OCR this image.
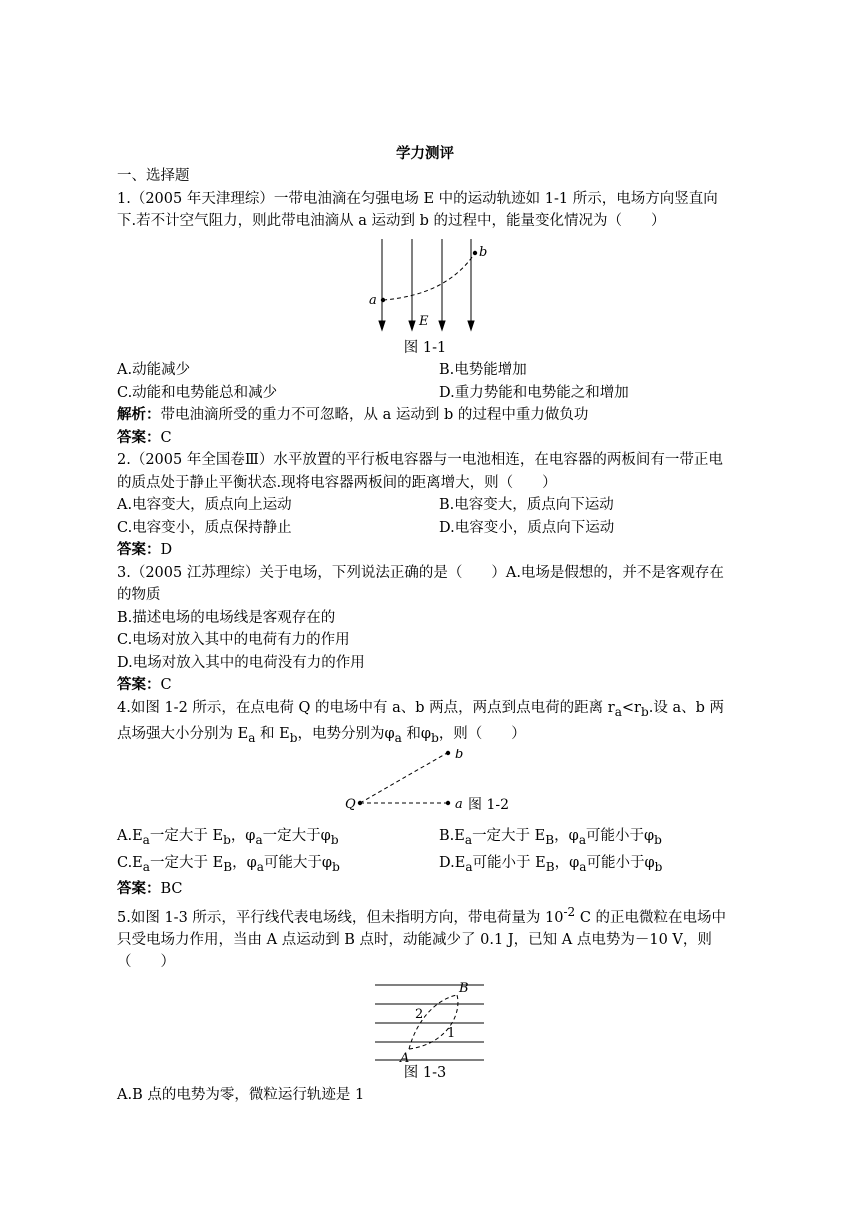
学力测评

一、选择题

1.（2005 年天津理综）一带电油滴在匀强电场 E 中的运动轨迹如 1-1 所示，电场方向竖直向下.若不计空气阻力，则此带电油滴从 a 运动到 b 的过程中，能量变化情况为（　　）

a
b
E

图 1-1

A.动能减少	B.电势能增加
C.动能和电势能总和减少	D.重力势能和电势能之和增加

解析：带电油滴所受的重力不可忽略，从 a 运动到 b 的过程中重力做负功

答案：C

2.（2005 年全国卷Ⅲ）水平放置的平行板电容器与一电池相连，在电容器的两板间有一带正电的质点处于静止平衡状态.现将电容器两板间的距离增大，则（　　）

A.电容变大，质点向上运动	B.电容变大，质点向下运动
C.电容变小，质点保持静止	D.电容变小，质点向下运动

答案：D

3.（2005 江苏理综）关于电场，下列说法正确的是（　　）A.电场是假想的，并不是客观存在的物质

B.描述电场的电场线是客观存在的

C.电场对放入其中的电荷有力的作用

D.电场对放入其中的电荷没有力的作用

答案：C

4.如图 1-2 所示，在点电荷 Q 的电场中有 a、b 两点，两点到点电荷的距离 $r_a<r_b$.设 a、b 两点场强大小分别为 $E_a$ 和 $E_b$，电势分别为$\varphi_a$ 和$\varphi_b$，则（　　）

Q
b
a 图 1-2
$A.E_a$一定大于 $E_b$，$\varphi_a$一定大于$\varphi_b$	$B.E_a$一定大于 $E_B$，$\varphi_a$可能小于$\varphi_b$
$C.E_a$一定大于 $E_B$，$\varphi_a$可能大于$\varphi_b$	$D.E_a$可能小于 $E_B$，$\varphi_a$可能小于$\varphi_b$

答案：BC

5.如图 1-3 所示，平行线代表电场线，但未指明方向，带电荷量为 $10^{-2}$ C 的正电微粒在电场中只受电场力作用，当由 A 点运动到 B 点时，动能减少了 0.1 J，已知 A 点电势为－10 V，则（　　）

A
B
2
1

图 1-3

A.B 点的电势为零，微粒运行轨迹是 1
